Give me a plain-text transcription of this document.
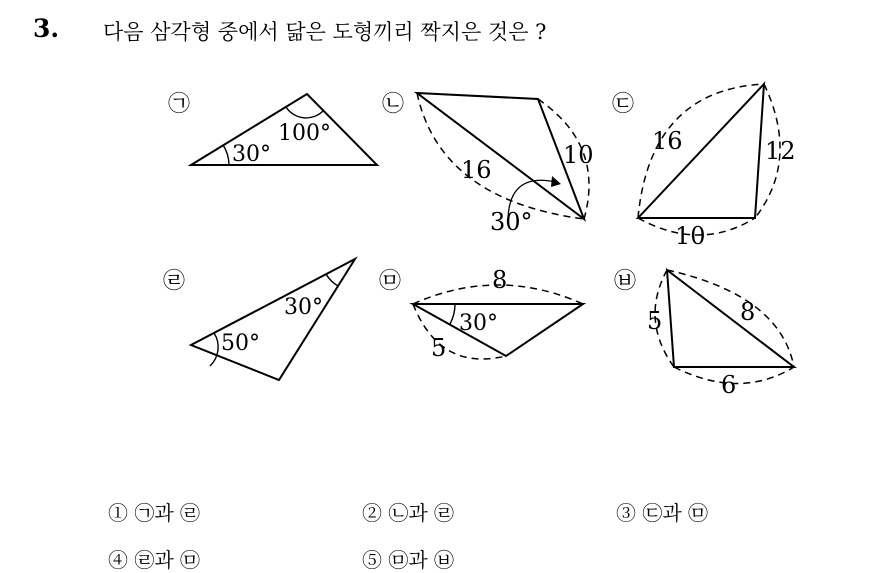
3. 다음 삼각형 중에서 닮은 도형끼리 짝지은 것은 ?
㉠
30°
100°
㉡
16
10
30°
㉢
16	12
10
㉣
30°
50°
㉤	8
5
30°
㉥
5	8
6
① ㉠과 ㉣	② ㉡과 ㉣	③ ㉢과 ㉤
④ ㉣과 ㉤	⑤ ㉤과 ㉥
